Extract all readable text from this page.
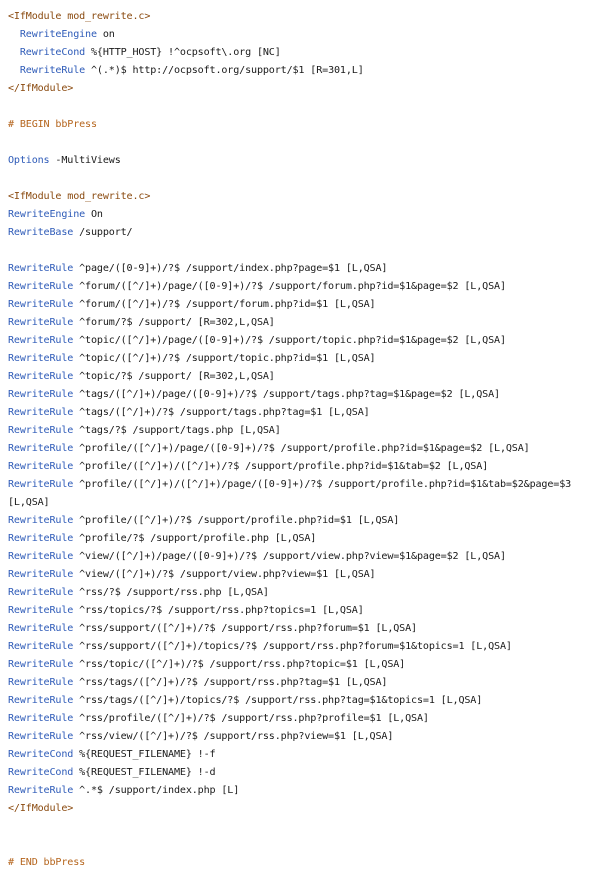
<IfModule mod_rewrite.c>
RewriteEngine on
RewriteCond %{HTTP_HOST} !^ocpsoft\.org [NC]
RewriteRule ^(.*)$ http://ocpsoft.org/support/$1 [R=301,L]
</IfModule>
# BEGIN bbPress
Options -MultiViews
<IfModule mod_rewrite.c>
RewriteEngine On
RewriteBase /support/
RewriteRule ^page/([0-9]+)/?$ /support/index.php?page=$1 [L,QSA]
RewriteRule ^forum/([^/]+)/page/([0-9]+)/?$ /support/forum.php?id=$1&page=$2 [L,QSA]
RewriteRule ^forum/([^/]+)/?$ /support/forum.php?id=$1 [L,QSA]
RewriteRule ^forum/?$ /support/ [R=302,L,QSA]
RewriteRule ^topic/([^/]+)/page/([0-9]+)/?$ /support/topic.php?id=$1&page=$2 [L,QSA]
RewriteRule ^topic/([^/]+)/?$ /support/topic.php?id=$1 [L,QSA]
RewriteRule ^topic/?$ /support/ [R=302,L,QSA]
RewriteRule ^tags/([^/]+)/page/([0-9]+)/?$ /support/tags.php?tag=$1&page=$2 [L,QSA]
RewriteRule ^tags/([^/]+)/?$ /support/tags.php?tag=$1 [L,QSA]
RewriteRule ^tags/?$ /support/tags.php [L,QSA]
RewriteRule ^profile/([^/]+)/page/([0-9]+)/?$ /support/profile.php?id=$1&page=$2 [L,QSA]
RewriteRule ^profile/([^/]+)/([^/]+)/?$ /support/profile.php?id=$1&tab=$2 [L,QSA]
RewriteRule ^profile/([^/]+)/([^/]+)/page/([0-9]+)/?$ /support/profile.php?id=$1&tab=$2&page=$3 [L,QSA]
RewriteRule ^profile/([^/]+)/?$ /support/profile.php?id=$1 [L,QSA]
RewriteRule ^profile/?$ /support/profile.php [L,QSA]
RewriteRule ^view/([^/]+)/page/([0-9]+)/?$ /support/view.php?view=$1&page=$2 [L,QSA]
RewriteRule ^view/([^/]+)/?$ /support/view.php?view=$1 [L,QSA]
RewriteRule ^rss/?$ /support/rss.php [L,QSA]
RewriteRule ^rss/topics/?$ /support/rss.php?topics=1 [L,QSA]
RewriteRule ^rss/support/([^/]+)/?$ /support/rss.php?forum=$1 [L,QSA]
RewriteRule ^rss/support/([^/]+)/topics/?$ /support/rss.php?forum=$1&topics=1 [L,QSA]
RewriteRule ^rss/topic/([^/]+)/?$ /support/rss.php?topic=$1 [L,QSA]
RewriteRule ^rss/tags/([^/]+)/?$ /support/rss.php?tag=$1 [L,QSA]
RewriteRule ^rss/tags/([^/]+)/topics/?$ /support/rss.php?tag=$1&topics=1 [L,QSA]
RewriteRule ^rss/profile/([^/]+)/?$ /support/rss.php?profile=$1 [L,QSA]
RewriteRule ^rss/view/([^/]+)/?$ /support/rss.php?view=$1 [L,QSA]
RewriteCond %{REQUEST_FILENAME} !-f
RewriteCond %{REQUEST_FILENAME} !-d
RewriteRule ^.*$ /support/index.php [L]
</IfModule>
# END bbPress
